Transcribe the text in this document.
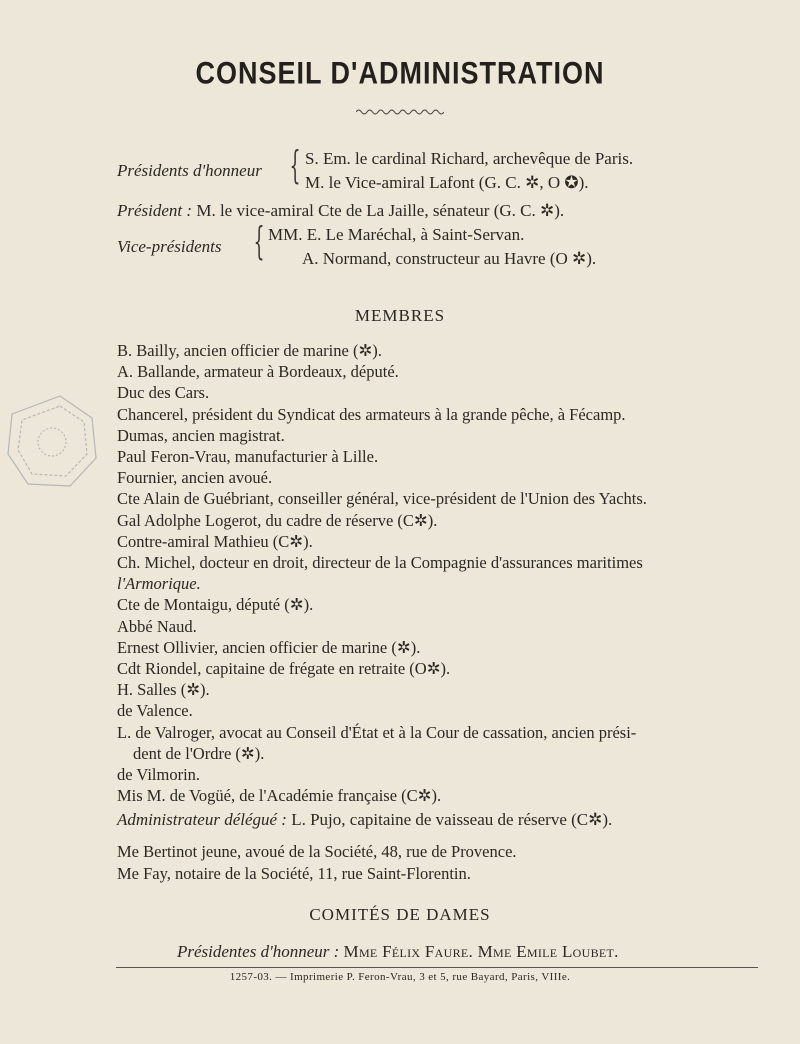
CONSEIL D'ADMINISTRATION
Présidents d'honneur { S. Em. le cardinal Richard, archevêque de Paris.
M. le Vice-amiral Lafont (G. C. ✲, O ✪).
Président : M. le vice-amiral Cte de La Jaille, sénateur (G. C. ✲).
Vice-présidents { MM. E. Le Maréchal, à Saint-Servan.
A. Normand, constructeur au Havre (O ✲).
MEMBRES
B. Bailly, ancien officier de marine (✲).
A. Ballande, armateur à Bordeaux, député.
Duc des Cars.
Chancerel, président du Syndicat des armateurs à la grande pêche, à Fécamp.
Dumas, ancien magistrat.
Paul Feron-Vrau, manufacturier à Lille.
Fournier, ancien avoué.
Cte Alain de Guébriant, conseiller général, vice-président de l'Union des Yachts.
Gal Adolphe Logerot, du cadre de réserve (C✲).
Contre-amiral Mathieu (C✲).
Ch. Michel, docteur en droit, directeur de la Compagnie d'assurances maritimes
l'Armorique.
Cte de Montaigu, député (✲).
Abbé Naud.
Ernest Ollivier, ancien officier de marine (✲).
Cdt Riondel, capitaine de frégate en retraite (O✲).
H. Salles (✲).
de Valence.
L. de Valroger, avocat au Conseil d'État et à la Cour de cassation, ancien prési-
dent de l'Ordre (✲).
de Vilmorin.
Mis M. de Vogüé, de l'Académie française (C✲).
Administrateur délégué : L. Pujo, capitaine de vaisseau de réserve (C✲).
Me Bertinot jeune, avoué de la Société, 48, rue de Provence.
Me Fay, notaire de la Société, 11, rue Saint-Florentin.
COMITÉS DE DAMES
Présidentes d'honneur : Mme Félix Faure. Mme Emile Loubet.
1257-03. — Imprimerie P. Feron-Vrau, 3 et 5, rue Bayard, Paris, VIIIe.
